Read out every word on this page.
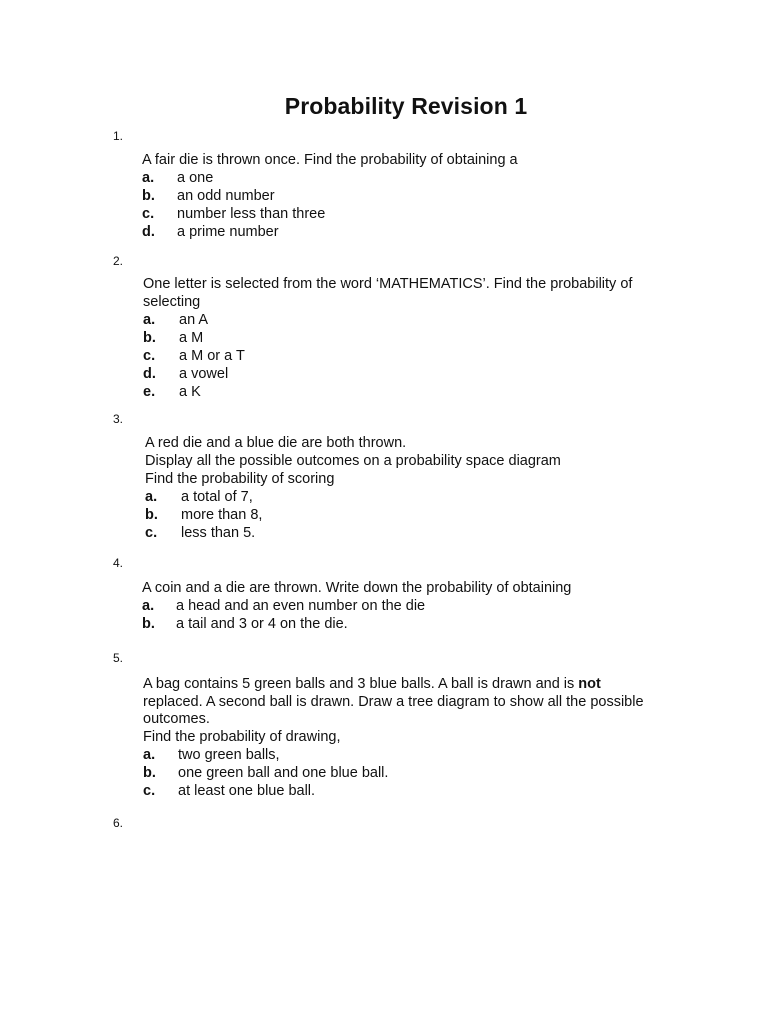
Probability Revision 1
1.
A fair die is thrown once. Find the probability of obtaining a
a. a one
b. an odd number
c. number less than three
d. a prime number
2.
One letter is selected from the word ‘MATHEMATICS’. Find the probability of
selecting
a. an A
b. a M
c. a M or a T
d. a vowel
e. a K
3.
A red die and a blue die are both thrown.
Display all the possible outcomes on a probability space diagram
Find the probability of scoring
a. a total of 7,
b. more than 8,
c. less than 5.
4.
A coin and a die are thrown. Write down the probability of obtaining
a. a head and an even number on the die
b. a tail and 3 or 4 on the die.
5.
A bag contains 5 green balls and 3 blue balls. A ball is drawn and is not
replaced. A second ball is drawn. Draw a tree diagram to show all the possible
outcomes.
Find the probability of drawing,
a. two green balls,
b. one green ball and one blue ball.
c. at least one blue ball.
6.
